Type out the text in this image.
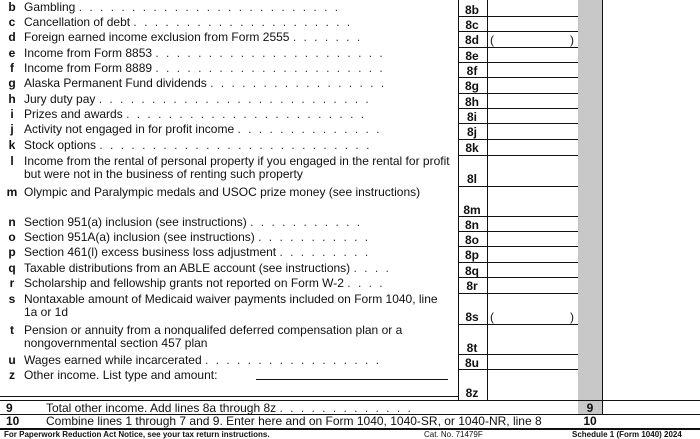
b Gambling . . . . . . . . . . . . . . . . . . . . . . . . .	8b
c Cancellation of debt . . . . . . . . . . . . . . . . . . . . .	8c
d Foreign earned income exclusion from Form 2555 . . . . . . .	8d (	)
e Income from Form 8853 . . . . . . . . . . . . . . . . . . . . . .	8e
f Income from Form 8889 . . . . . . . . . . . . . . . . . . . . . .	8f
g Alaska Permanent Fund dividends . . . . . . . . . . . . . . . . .	8g
h Jury duty pay . . . . . . . . . . . . . . . . . . . . . . . . . .	8h
i Prizes and awards . . . . . . . . . . . . . . . . . . . . . . .	8i
j Activity not engaged in for profit income . . . . . . . . . . . . . .	8j
k Stock options . . . . . . . . . . . . . . . . . . . . . . . . . .	8k
l Income from the rental of personal property if you engaged in the rental for profit but were not in the business of renting such property	8l
m Olympic and Paralympic medals and USOC prize money (see instructions)
8m
n Section 951(a) inclusion (see instructions) . . . . . . . . . . .	8n
o Section 951A(a) inclusion (see instructions) . . . . . . . . . . .	8o
p Section 461(l) excess business loss adjustment . . . . . . . . .	8p
q Taxable distributions from an ABLE account (see instructions) . . . .	8q
r Scholarship and fellowship grants not reported on Form W-2 . . . .	8r
s Nontaxable amount of Medicaid waiver payments included on Form 1040, line 1a or 1d	8s (	)
t Pension or annuity from a nonqualifed deferred compensation plan or a nongovernmental section 457 plan	8t
u Wages earned while incarcerated . . . . . . . . . . . . . . . . .	8u
z Other income. List type and amount:
8z
9	Total other income. Add lines 8a through 8z . . . . . . . . . . . . .	9
10 Combine lines 1 through 7 and 9. Enter here and on Form 1040, 1040-SR, or 1040-NR, line 8	10
For Paperwork Reduction Act Notice, see your tax return instructions.	Cat. No. 71479F	Schedule 1 (Form 1040) 2024
